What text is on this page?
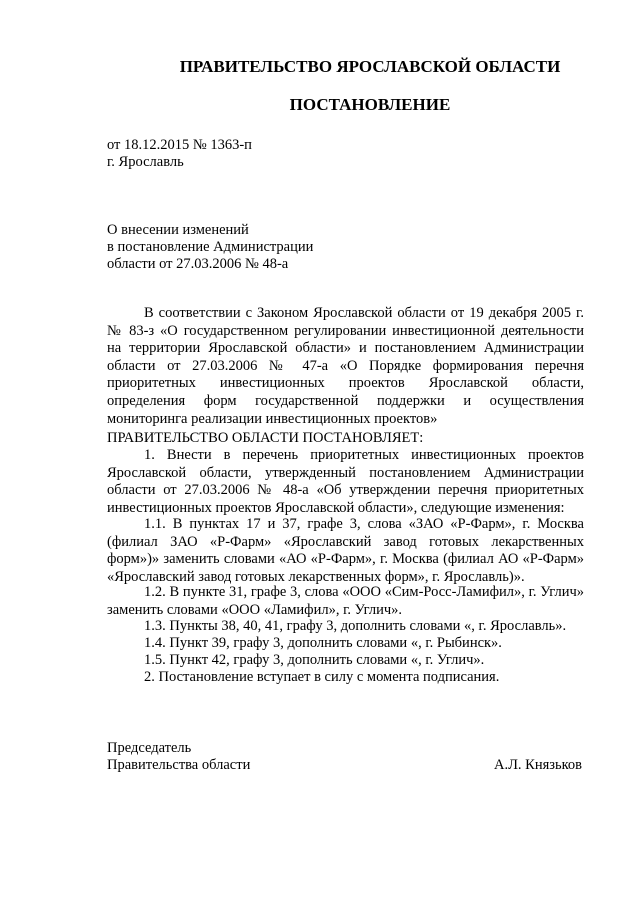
ПРАВИТЕЛЬСТВО ЯРОСЛАВСКОЙ ОБЛАСТИ
ПОСТАНОВЛЕНИЕ

от 18.12.2015 № 1363-п

г. Ярославль

О внесении изменений

в постановление Администрации

области от 27.03.2006 № 48-а

В соответствии с Законом Ярославской области от 19 декабря 2005 г. № 83-з «О государственном регулировании инвестиционной деятельности на территории Ярославской области» и постановлением Администрации области от 27.03.2006 № 47-а «О Порядке формирования перечня приоритетных инвестиционных проектов Ярославской области, определения форм государственной поддержки и осуществления мониторинга реализации инвестиционных проектов»

ПРАВИТЕЛЬСТВО ОБЛАСТИ ПОСТАНОВЛЯЕТ:

1. Внести в перечень приоритетных инвестиционных проектов Ярославской области, утвержденный постановлением Администрации области от 27.03.2006 № 48-а «Об утверждении перечня приоритетных инвестиционных проектов Ярославской области», следующие изменения:

1.1. В пунктах 17 и 37, графе 3, слова «ЗАО «Р-Фарм», г. Москва (филиал ЗАО «Р-Фарм» «Ярославский завод готовых лекарственных форм»)» заменить словами «АО «Р-Фарм», г. Москва (филиал АО «Р-Фарм» «Ярославский завод готовых лекарственных форм», г. Ярославль)».

1.2. В пункте 31, графе 3, слова «ООО «Сим-Росс-Ламифил», г. Углич» заменить словами «ООО «Ламифил», г. Углич».

1.3. Пункты 38, 40, 41, графу 3, дополнить словами «, г. Ярославль».

1.4. Пункт 39, графу 3, дополнить словами «, г. Рыбинск».

1.5. Пункт 42, графу 3, дополнить словами «, г. Углич».

2. Постановление вступает в силу с момента подписания.

Председатель

Правительства области	А.Л. Князьков
